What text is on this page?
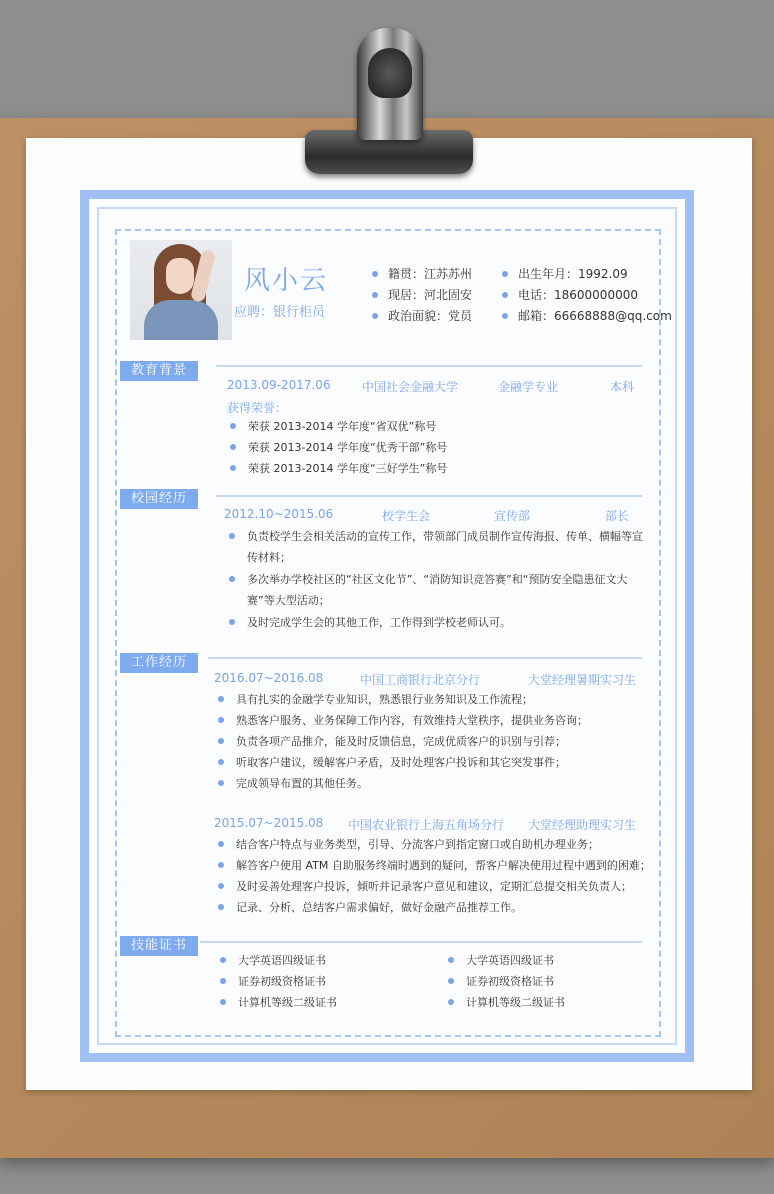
风小云
应聘：银行柜员
籍贯：江苏苏州
现居：河北固安
政治面貌：党员
出生年月：1992.09
电话：18600000000
邮箱：66668888@qq.com
教育背景
2013.09-2017.06	中国社会金融大学	金融学专业	本科
获得荣誉：
荣获 2013-2014 学年度“省双优”称号
荣获 2013-2014 学年度“优秀干部”称号
荣获 2013-2014 学年度“三好学生”称号
校园经历
2012.10~2015.06	校学生会	宣传部	部长
负责校学生会相关活动的宣传工作，带领部门成员制作宣传海报、传单、横幅等宣传材料；
多次举办学校社区的“社区文化节”、“消防知识竞答赛”和“预防安全隐患征文大赛”等大型活动；
及时完成学生会的其他工作，工作得到学校老师认可。
工作经历
2016.07~2016.08	中国工商银行北京分行	大堂经理暑期实习生
具有扎实的金融学专业知识，熟悉银行业务知识及工作流程；
熟悉客户服务、业务保障工作内容，有效维持大堂秩序，提供业务咨询；
负责各项产品推介，能及时反馈信息，完成优质客户的识别与引荐；
听取客户建议，缓解客户矛盾，及时处理客户投诉和其它突发事件；
完成领导布置的其他任务。
2015.07~2015.08 中国农业银行上海五角场分行 大堂经理助理实习生
结合客户特点与业务类型，引导、分流客户到指定窗口或自助机办理业务；
解答客户使用 ATM 自助服务终端时遇到的疑问，帮客户解决使用过程中遇到的困难；
及时妥善处理客户投诉，倾听并记录客户意见和建议，定期汇总提交相关负责人；
记录、分析、总结客户需求偏好，做好金融产品推荐工作。
技能证书
大学英语四级证书
证券初级资格证书
计算机等级二级证书
大学英语四级证书
证券初级资格证书
计算机等级二级证书
